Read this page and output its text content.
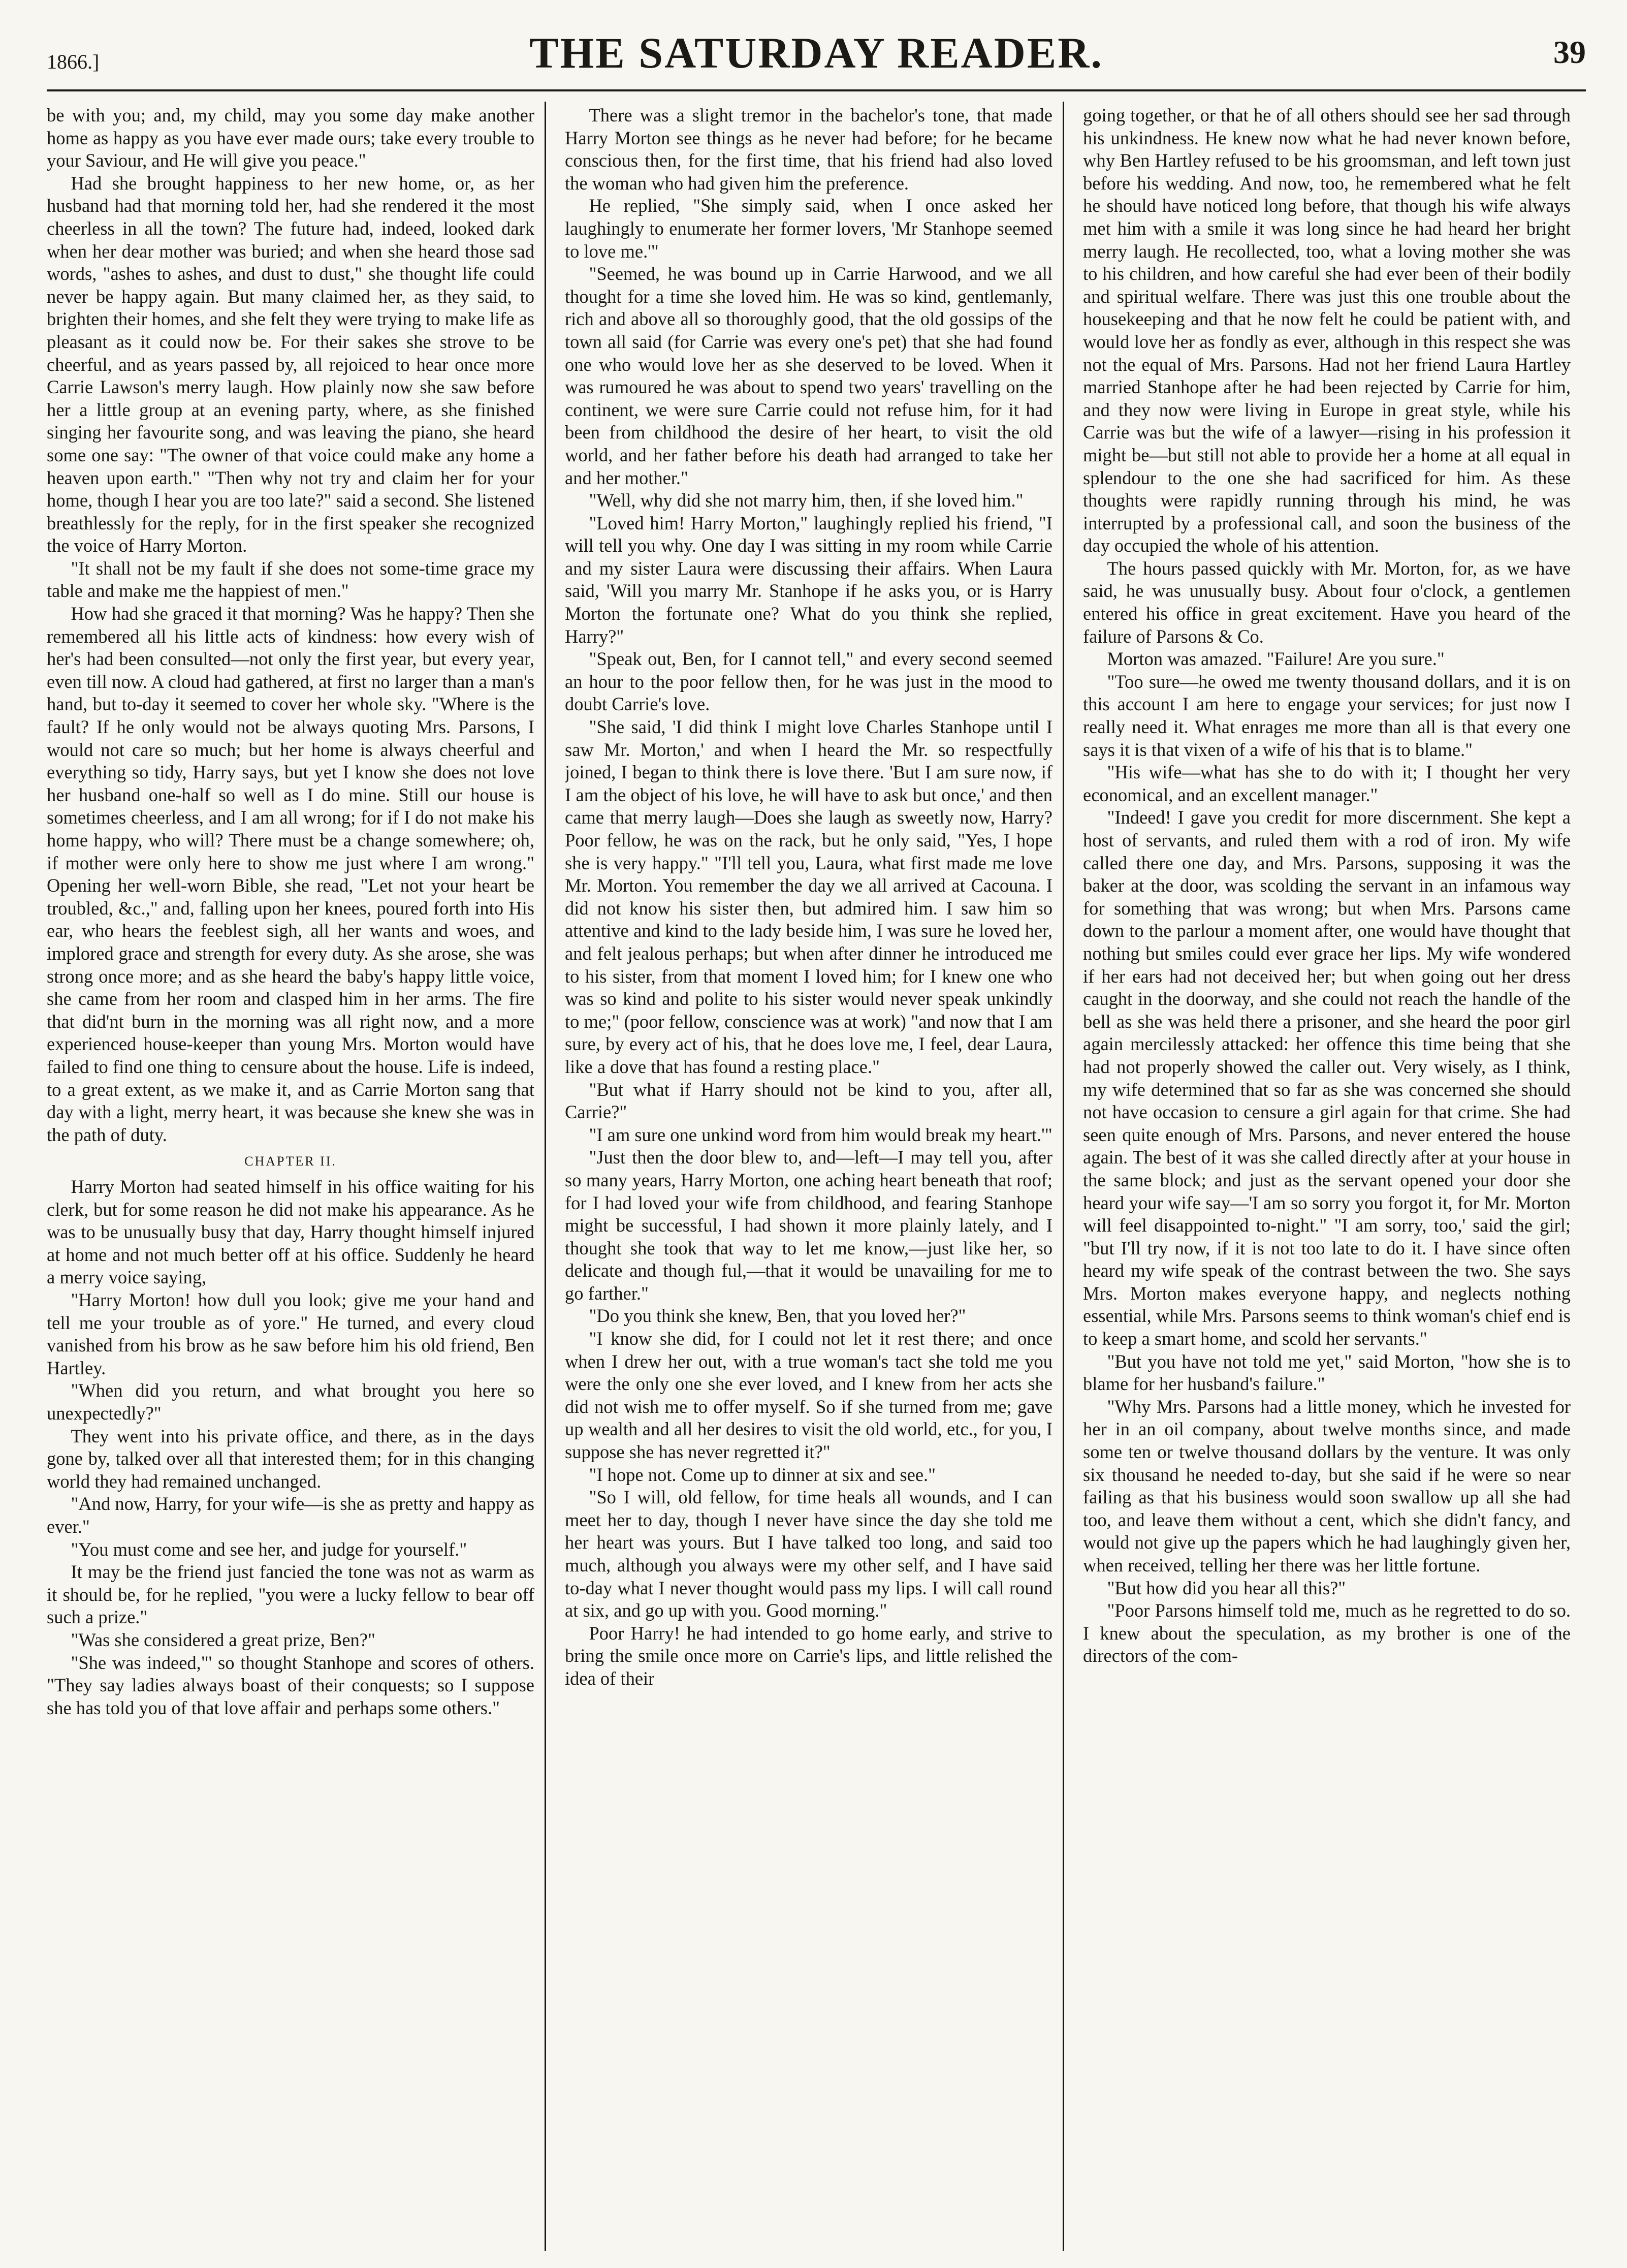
1866.]	THE SATURDAY READER.	39

be with you; and, my child, may you some day make another home as happy as you have ever made ours; take every trouble to your Saviour, and He will give you peace."

Had she brought happiness to her new home, or, as her husband had that morning told her, had she rendered it the most cheerless in all the town? The future had, indeed, looked dark when her dear mother was buried; and when she heard those sad words, "ashes to ashes, and dust to dust," she thought life could never be happy again. But many claimed her, as they said, to brighten their homes, and she felt they were trying to make life as pleasant as it could now be. For their sakes she strove to be cheerful, and as years passed by, all rejoiced to hear once more Carrie Lawson's merry laugh. How plainly now she saw before her a little group at an evening party, where, as she finished singing her favourite song, and was leaving the piano, she heard some one say: "The owner of that voice could make any home a heaven upon earth." "Then why not try and claim her for your home, though I hear you are too late?" said a second. She listened breathlessly for the reply, for in the first speaker she recognized the voice of Harry Morton.

"It shall not be my fault if she does not some-time grace my table and make me the happiest of men."

How had she graced it that morning? Was he happy? Then she remembered all his little acts of kindness: how every wish of her's had been consulted—not only the first year, but every year, even till now. A cloud had gathered, at first no larger than a man's hand, but to-day it seemed to cover her whole sky. "Where is the fault? If he only would not be always quoting Mrs. Parsons, I would not care so much; but her home is always cheerful and everything so tidy, Harry says, but yet I know she does not love her husband one-half so well as I do mine. Still our house is sometimes cheerless, and I am all wrong; for if I do not make his home happy, who will? There must be a change somewhere; oh, if mother were only here to show me just where I am wrong." Opening her well-worn Bible, she read, "Let not your heart be troubled, &c.," and, falling upon her knees, poured forth into His ear, who hears the feeblest sigh, all her wants and woes, and implored grace and strength for every duty. As she arose, she was strong once more; and as she heard the baby's happy little voice, she came from her room and clasped him in her arms. The fire that did'nt burn in the morning was all right now, and a more experienced house-keeper than young Mrs. Morton would have failed to find one thing to censure about the house. Life is indeed, to a great extent, as we make it, and as Carrie Morton sang that day with a light, merry heart, it was because she knew she was in the path of duty.

CHAPTER II.

Harry Morton had seated himself in his office waiting for his clerk, but for some reason he did not make his appearance. As he was to be unusually busy that day, Harry thought himself injured at home and not much better off at his office. Suddenly he heard a merry voice saying,

"Harry Morton! how dull you look; give me your hand and tell me your trouble as of yore." He turned, and every cloud vanished from his brow as he saw before him his old friend, Ben Hartley.

"When did you return, and what brought you here so unexpectedly?"

They went into his private office, and there, as in the days gone by, talked over all that interested them; for in this changing world they had remained unchanged.

"And now, Harry, for your wife—is she as pretty and happy as ever."

"You must come and see her, and judge for yourself."

It may be the friend just fancied the tone was not as warm as it should be, for he replied, "you were a lucky fellow to bear off such a prize."

"Was she considered a great prize, Ben?"

"She was indeed,"' so thought Stanhope and scores of others. "They say ladies always boast of their conquests; so I suppose she has told you of that love affair and perhaps some others."

There was a slight tremor in the bachelor's tone, that made Harry Morton see things as he never had before; for he became conscious then, for the first time, that his friend had also loved the woman who had given him the preference.

He replied, "She simply said, when I once asked her laughingly to enumerate her former lovers, 'Mr Stanhope seemed to love me.'"

"Seemed, he was bound up in Carrie Harwood, and we all thought for a time she loved him. He was so kind, gentlemanly, rich and above all so thoroughly good, that the old gossips of the town all said (for Carrie was every one's pet) that she had found one who would love her as she deserved to be loved. When it was rumoured he was about to spend two years' travelling on the continent, we were sure Carrie could not refuse him, for it had been from childhood the desire of her heart, to visit the old world, and her father before his death had arranged to take her and her mother."

"Well, why did she not marry him, then, if she loved him."

"Loved him! Harry Morton," laughingly replied his friend, "I will tell you why. One day I was sitting in my room while Carrie and my sister Laura were discussing their affairs. When Laura said, 'Will you marry Mr. Stanhope if he asks you, or is Harry Morton the fortunate one? What do you think she replied, Harry?"

"Speak out, Ben, for I cannot tell," and every second seemed an hour to the poor fellow then, for he was just in the mood to doubt Carrie's love.

"She said, 'I did think I might love Charles Stanhope until I saw Mr. Morton,' and when I heard the Mr. so respectfully joined, I began to think there is love there. 'But I am sure now, if I am the object of his love, he will have to ask but once,' and then came that merry laugh—Does she laugh as sweetly now, Harry? Poor fellow, he was on the rack, but he only said, "Yes, I hope she is very happy." "I'll tell you, Laura, what first made me love Mr. Morton. You remember the day we all arrived at Cacouna. I did not know his sister then, but admired him. I saw him so attentive and kind to the lady beside him, I was sure he loved her, and felt jealous perhaps; but when after dinner he introduced me to his sister, from that moment I loved him; for I knew one who was so kind and polite to his sister would never speak unkindly to me;" (poor fellow, conscience was at work) "and now that I am sure, by every act of his, that he does love me, I feel, dear Laura, like a dove that has found a resting place."

"But what if Harry should not be kind to you, after all, Carrie?"

"I am sure one unkind word from him would break my heart.'"

"Just then the door blew to, and—left—I may tell you, after so many years, Harry Morton, one aching heart beneath that roof; for I had loved your wife from childhood, and fearing Stanhope might be successful, I had shown it more plainly lately, and I thought she took that way to let me know,—just like her, so delicate and though ful,—that it would be unavailing for me to go farther."

"Do you think she knew, Ben, that you loved her?"

"I know she did, for I could not let it rest there; and once when I drew her out, with a true woman's tact she told me you were the only one she ever loved, and I knew from her acts she did not wish me to offer myself. So if she turned from me; gave up wealth and all her desires to visit the old world, etc., for you, I suppose she has never regretted it?"

"I hope not. Come up to dinner at six and see."

"So I will, old fellow, for time heals all wounds, and I can meet her to day, though I never have since the day she told me her heart was yours. But I have talked too long, and said too much, although you always were my other self, and I have said to-day what I never thought would pass my lips. I will call round at six, and go up with you. Good morning."

Poor Harry! he had intended to go home early, and strive to bring the smile once more on Carrie's lips, and little relished the idea of their

going together, or that he of all others should see her sad through his unkindness. He knew now what he had never known before, why Ben Hartley refused to be his groomsman, and left town just before his wedding. And now, too, he remembered what he felt he should have noticed long before, that though his wife always met him with a smile it was long since he had heard her bright merry laugh. He recollected, too, what a loving mother she was to his children, and how careful she had ever been of their bodily and spiritual welfare. There was just this one trouble about the housekeeping and that he now felt he could be patient with, and would love her as fondly as ever, although in this respect she was not the equal of Mrs. Parsons. Had not her friend Laura Hartley married Stanhope after he had been rejected by Carrie for him, and they now were living in Europe in great style, while his Carrie was but the wife of a lawyer—rising in his profession it might be—but still not able to provide her a home at all equal in splendour to the one she had sacrificed for him. As these thoughts were rapidly running through his mind, he was interrupted by a professional call, and soon the business of the day occupied the whole of his attention.

The hours passed quickly with Mr. Morton, for, as we have said, he was unusually busy. About four o'clock, a gentlemen entered his office in great excitement. Have you heard of the failure of Parsons & Co.

Morton was amazed. "Failure! Are you sure."

"Too sure—he owed me twenty thousand dollars, and it is on this account I am here to engage your services; for just now I really need it. What enrages me more than all is that every one says it is that vixen of a wife of his that is to blame."

"His wife—what has she to do with it; I thought her very economical, and an excellent manager."

"Indeed! I gave you credit for more discernment. She kept a host of servants, and ruled them with a rod of iron. My wife called there one day, and Mrs. Parsons, supposing it was the baker at the door, was scolding the servant in an infamous way for something that was wrong; but when Mrs. Parsons came down to the parlour a moment after, one would have thought that nothing but smiles could ever grace her lips. My wife wondered if her ears had not deceived her; but when going out her dress caught in the doorway, and she could not reach the handle of the bell as she was held there a prisoner, and she heard the poor girl again mercilessly attacked: her offence this time being that she had not properly showed the caller out. Very wisely, as I think, my wife determined that so far as she was concerned she should not have occasion to censure a girl again for that crime. She had seen quite enough of Mrs. Parsons, and never entered the house again. The best of it was she called directly after at your house in the same block; and just as the servant opened your door she heard your wife say—'I am so sorry you forgot it, for Mr. Morton will feel disappointed to-night." "I am sorry, too,' said the girl; "but I'll try now, if it is not too late to do it. I have since often heard my wife speak of the contrast between the two. She says Mrs. Morton makes everyone happy, and neglects nothing essential, while Mrs. Parsons seems to think woman's chief end is to keep a smart home, and scold her servants."

"But you have not told me yet," said Morton, "how she is to blame for her husband's failure."

"Why Mrs. Parsons had a little money, which he invested for her in an oil company, about twelve months since, and made some ten or twelve thousand dollars by the venture. It was only six thousand he needed to-day, but she said if he were so near failing as that his business would soon swallow up all she had too, and leave them without a cent, which she didn't fancy, and would not give up the papers which he had laughingly given her, when received, telling her there was her little fortune.

"But how did you hear all this?"

"Poor Parsons himself told me, much as he regretted to do so. I knew about the speculation, as my brother is one of the directors of the com-
